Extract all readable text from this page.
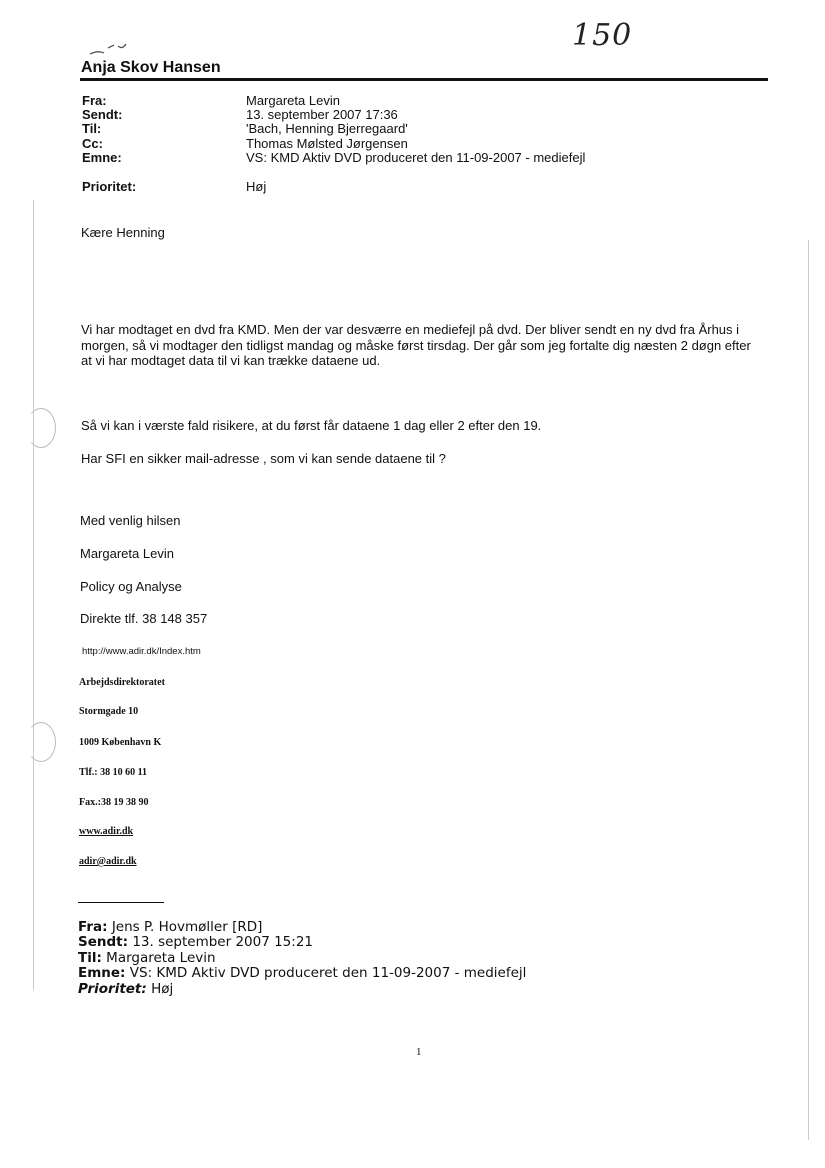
150
Anja Skov Hansen
Fra:	Margareta Levin
Sendt:	13. september 2007 17:36
Til:	'Bach, Henning Bjerregaard'
Cc:	Thomas Mølsted Jørgensen
Emne:	VS: KMD Aktiv DVD produceret den 11-09-2007 - mediefejl
Prioritet:	Høj
Kære Henning
Vi har modtaget en dvd fra KMD. Men der var desværre en mediefejl på dvd. Der bliver sendt en ny dvd fra Århus i
morgen, så vi modtager den tidligst mandag og måske først tirsdag. Der går som jeg fortalte dig næsten 2 døgn efter
at vi har modtaget data til vi kan trække dataene ud.
Så vi kan i værste fald risikere, at du først får dataene 1 dag eller 2 efter den 19.
Har SFI en sikker mail-adresse , som vi kan sende dataene til ?
Med venlig hilsen
Margareta Levin
Policy og Analyse
Direkte tlf. 38 148 357
http://www.adir.dk/Index.htm
Arbejdsdirektoratet
Stormgade 10
1009 København K
Tlf.: 38 10 60 11
Fax.:38 19 38 90
www.adir.dk
adir@adir.dk
Fra: Jens P. Hovmøller [RD]
Sendt: 13. september 2007 15:21
Til: Margareta Levin
Emne: VS: KMD Aktiv DVD produceret den 11-09-2007 - mediefejl
Prioritet: Høj
1
